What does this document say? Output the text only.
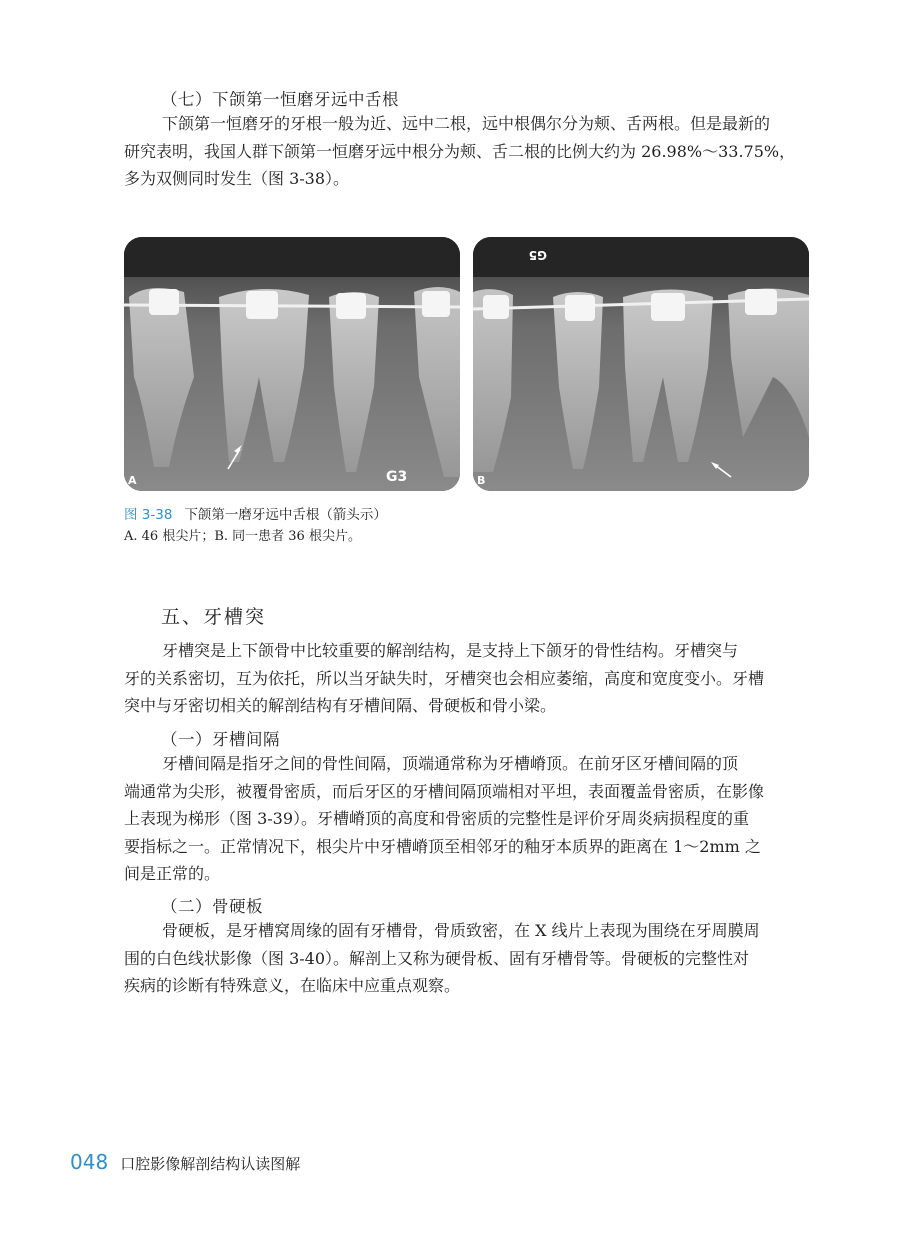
（七）下颌第一恒磨牙远中舌根

下颌第一恒磨牙的牙根一般为近、远中二根，远中根偶尔分为颊、舌两根。但是最新的
研究表明，我国人群下颌第一恒磨牙远中根分为颊、舌二根的比例大约为 26.98%～33.75%，
多为双侧同时发生（图 3-38）。

G3
A
G5
B
图 3-38 下颌第一磨牙远中舌根（箭头示）
A. 46 根尖片；B. 同一患者 36 根尖片。
五、牙槽突

牙槽突是上下颌骨中比较重要的解剖结构，是支持上下颌牙的骨性结构。牙槽突与
牙的关系密切，互为依托，所以当牙缺失时，牙槽突也会相应萎缩，高度和宽度变小。牙槽
突中与牙密切相关的解剖结构有牙槽间隔、骨硬板和骨小梁。

（一）牙槽间隔

牙槽间隔是指牙之间的骨性间隔，顶端通常称为牙槽嵴顶。在前牙区牙槽间隔的顶
端通常为尖形，被覆骨密质，而后牙区的牙槽间隔顶端相对平坦，表面覆盖骨密质，在影像
上表现为梯形（图 3-39）。牙槽嵴顶的高度和骨密质的完整性是评价牙周炎病损程度的重
要指标之一。正常情况下，根尖片中牙槽嵴顶至相邻牙的釉牙本质界的距离在 1～2mm 之
间是正常的。

（二）骨硬板

骨硬板，是牙槽窝周缘的固有牙槽骨，骨质致密，在 X 线片上表现为围绕在牙周膜周
围的白色线状影像（图 3-40）。解剖上又称为硬骨板、固有牙槽骨等。骨硬板的完整性对
疾病的诊断有特殊意义，在临床中应重点观察。

048 口腔影像解剖结构认读图解
